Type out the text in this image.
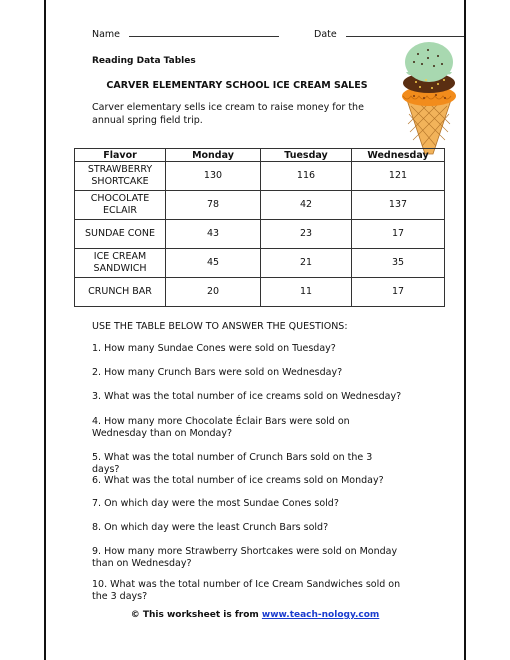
Name	Date
Reading Data Tables
CARVER ELEMENTARY SCHOOL ICE CREAM SALES
Carver elementary sells ice cream to raise money for the
annual spring field trip.
Flavor	Monday	Tuesday	Wednesday
STRAWBERRY
SHORTCAKE	130	116	121
CHOCOLATE
ECLAIR	78	42	137
SUNDAE CONE	43	23	17
ICE CREAM
SANDWICH	45	21	35
CRUNCH BAR	20	11	17
USE THE TABLE BELOW TO ANSWER THE QUESTIONS:
1. How many Sundae Cones were sold on Tuesday?
2. How many Crunch Bars were sold on Wednesday?
3. What was the total number of ice creams sold on Wednesday?
4. How many more Chocolate Éclair Bars were sold on Wednesday than on Monday?
5. What was the total number of Crunch Bars sold on the 3 days?
6. What was the total number of ice creams sold on Monday?
7. On which day were the most Sundae Cones sold?
8. On which day were the least Crunch Bars sold?
9. How many more Strawberry Shortcakes were sold on Monday than on Wednesday?
10. What was the total number of Ice Cream Sandwiches sold on the 3 days?
© This worksheet is from www.teach-nology.com
